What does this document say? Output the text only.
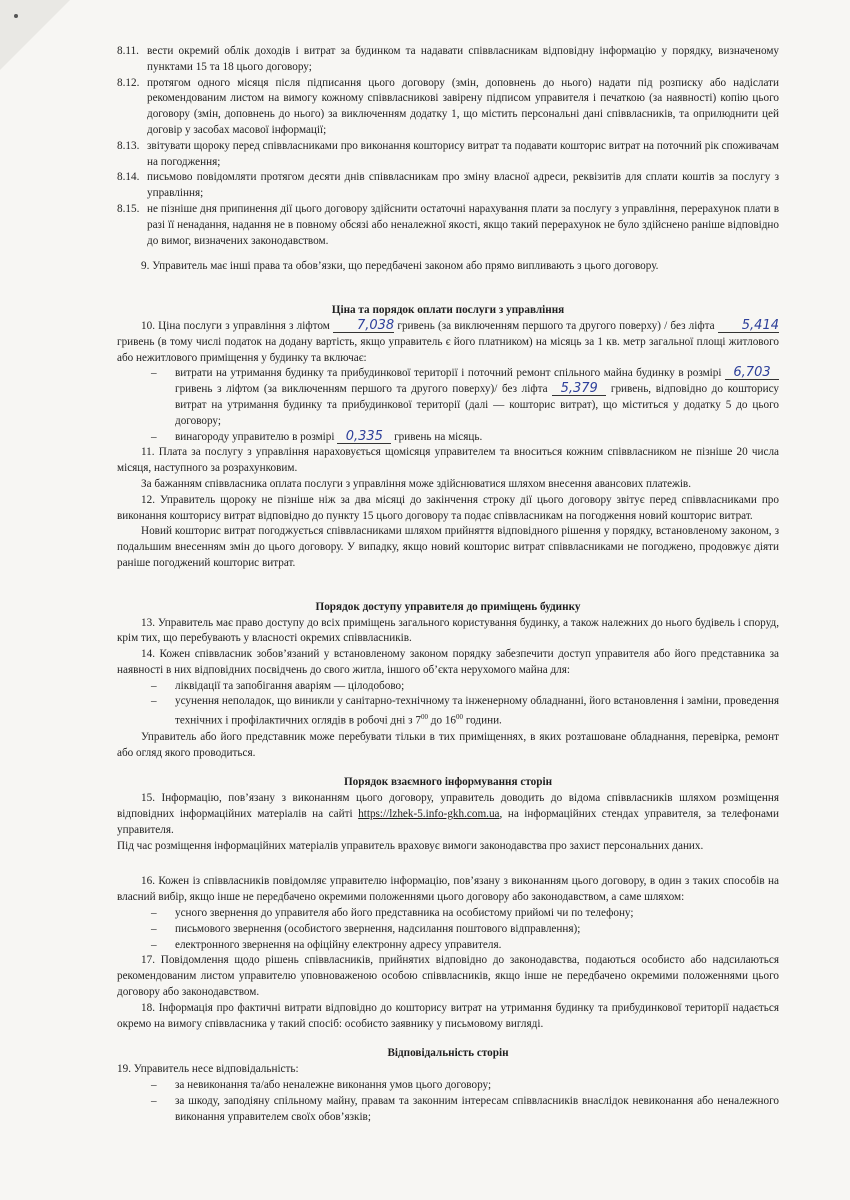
8.11. вести окремий облік доходів і витрат за будинком та надавати співвласникам відповідну інформацію у порядку, визначеному пунктами 15 та 18 цього договору;
8.12. протягом одного місяця після підписання цього договору (змін, доповнень до нього) надати під розписку або надіслати рекомендованим листом на вимогу кожному співвласникові завірену підписом управителя і печаткою (за наявності) копію цього договору (змін, доповнень до нього) за виключенням додатку 1, що містить персональні дані співвласників, та оприлюднити цей договір у засобах масової інформації;
8.13. звітувати щороку перед співвласниками про виконання кошторису витрат та подавати кошторис витрат на поточний рік споживачам на погодження;
8.14. письмово повідомляти протягом десяти днів співвласникам про зміну власної адреси, реквізитів для сплати коштів за послугу з управління;
8.15. не пізніше дня припинення дії цього договору здійснити остаточні нарахування плати за послугу з управління, перерахунок плати в разі її ненадання, надання не в повному обсязі або неналежної якості, якщо такий перерахунок не було здійснено раніше відповідно до вимог, визначених законодавством.

9. Управитель має інші права та обов’язки, що передбачені законом або прямо випливають з цього договору.

Ціна та порядок оплати послуги з управління

10. Ціна послуги з управління з ліфтом 7,038 гривень (за виключенням першого та другого поверху) / без ліфта 5,414 гривень (в тому числі податок на додану вартість, якщо управитель є його платником) на місяць за 1 кв. метр загальної площі житлового або нежитлового приміщення у будинку та включає:

–	витрати на утримання будинку та прибудинкової території і поточний ремонт спільного майна будинку в розмірі 6,703 гривень з ліфтом (за виключенням першого та другого поверху)/ без ліфта 5,379 гривень, відповідно до кошторису витрат на утримання будинку та прибудинкової території (далі — кошторис витрат), що міститься у додатку 5 до цього договору;
–	винагороду управителю в розмірі 0,335 гривень на місяць.

11. Плата за послугу з управління нараховується щомісяця управителем та вноситься кожним співвласником не пізніше 20 числа місяця, наступного за розрахунковим.

За бажанням співвласника оплата послуги з управління може здійснюватися шляхом внесення авансових платежів.

12. Управитель щороку не пізніше ніж за два місяці до закінчення строку дії цього договору звітує перед співвласниками про виконання кошторису витрат відповідно до пункту 15 цього договору та подає співвласникам на погодження новий кошторис витрат.

Новий кошторис витрат погоджується співвласниками шляхом прийняття відповідного рішення у порядку, встановленому законом, з подальшим внесенням змін до цього договору. У випадку, якщо новий кошторис витрат співвласниками не погоджено, продовжує діяти раніше погоджений кошторис витрат.

Порядок доступу управителя до приміщень будинку

13. Управитель має право доступу до всіх приміщень загального користування будинку, а також належних до нього будівель і споруд, крім тих, що перебувають у власності окремих співвласників.

14. Кожен співвласник зобов’язаний у встановленому законом порядку забезпечити доступ управителя або його представника за наявності в них відповідних посвідчень до свого житла, іншого об’єкта нерухомого майна для:

–	ліквідації та запобігання аваріям — цілодобово;
–	усунення неполадок, що виникли у санітарно-технічному та інженерному обладнанні, його встановлення і заміни, проведення технічних і профілактичних оглядів в робочі дні з $7^{00}$ до $16^{00}$ години.

Управитель або його представник може перебувати тільки в тих приміщеннях, в яких розташоване обладнання, перевірка, ремонт або огляд якого проводиться.

Порядок взаємного інформування сторін

15. Інформацію, пов’язану з виконанням цього договору, управитель доводить до відома співвласників шляхом розміщення відповідних інформаційних матеріалів на сайті https://lzhek-5.info-gkh.com.ua, на інформаційних стендах управителя, за телефонами управителя.

Під час розміщення інформаційних матеріалів управитель враховує вимоги законодавства про захист персональних даних.

16. Кожен із співвласників повідомляє управителю інформацію, пов’язану з виконанням цього договору, в один з таких способів на власний вибір, якщо інше не передбачено окремими положеннями цього договору або законодавством, а саме шляхом:

–	усного звернення до управителя або його представника на особистому прийомі чи по телефону;
–	письмового звернення (особистого звернення, надсилання поштового відправлення);
–	електронного звернення на офіційну електронну адресу управителя.

17. Повідомлення щодо рішень співвласників, прийнятих відповідно до законодавства, подаються особисто або надсилаються рекомендованим листом управителю уповноваженою особою співвласників, якщо інше не передбачено окремими положеннями цього договору або законодавством.

18. Інформація про фактичні витрати відповідно до кошторису витрат на утримання будинку та прибудинкової території надається окремо на вимогу співвласника у такий спосіб: особисто заявнику у письмовому вигляді.

Відповідальність сторін

19. Управитель несе відповідальність:

–	за невиконання та/або неналежне виконання умов цього договору;
–	за шкоду, заподіяну спільному майну, правам та законним інтересам співвласників внаслідок невиконання або неналежного виконання управителем своїх обов’язків;
